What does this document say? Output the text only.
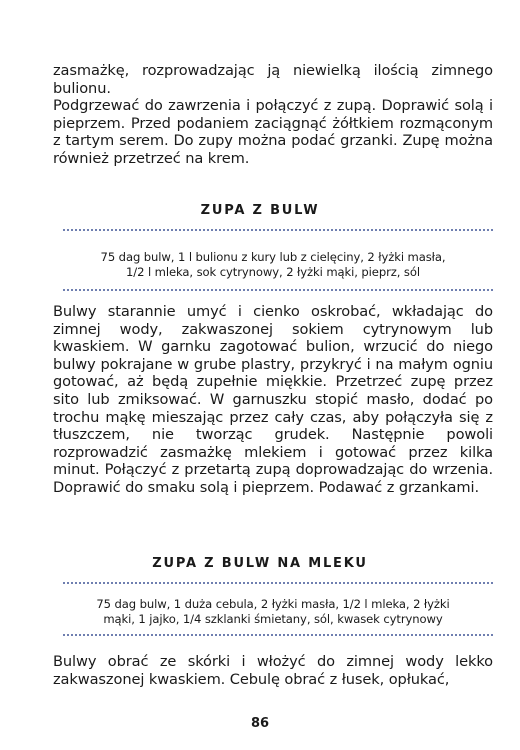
zasmażkę, rozprowadzając ją niewielką ilością zimnego bulionu.
Podgrzewać do zawrzenia i połączyć z zupą. Doprawić solą i pieprzem. Przed podaniem zaciągnąć żółtkiem rozmąconym z tartym serem. Do zupy można podać grzanki. Zupę można również przetrzeć na krem.
ZUPA Z BULW
75 dag bulw, 1 l bulionu z kury lub z cielęciny, 2 łyżki masła,
1/2 l mleka, sok cytrynowy, 2 łyżki mąki, pieprz, sól
Bulwy starannie umyć i cienko oskrobać, wkładając do zimnej wody, zakwaszonej sokiem cytrynowym lub kwaskiem. W garnku zagotować bulion, wrzucić do niego bulwy pokrajane w grube plastry, przykryć i na małym ogniu gotować, aż będą zupełnie miękkie. Przetrzeć zupę przez sito lub zmiksować. W garnuszku stopić masło, dodać po trochu mąkę mieszając przez cały czas, aby połączyła się z tłuszczem, nie tworząc grudek. Następnie powoli rozprowadzić zasmażkę mlekiem i gotować przez kilka minut. Połączyć z przetartą zupą doprowadzając do wrzenia. Doprawić do smaku solą i pieprzem. Podawać z grzankami.
ZUPA Z BULW NA MLEKU
75 dag bulw, 1 duża cebula, 2 łyżki masła, 1/2 l mleka, 2 łyżki
mąki, 1 jajko, 1/4 szklanki śmietany, sól, kwasek cytrynowy
Bulwy obrać ze skórki i włożyć do zimnej wody lekko zakwaszonej kwaskiem. Cebulę obrać z łusek, opłukać,
86
